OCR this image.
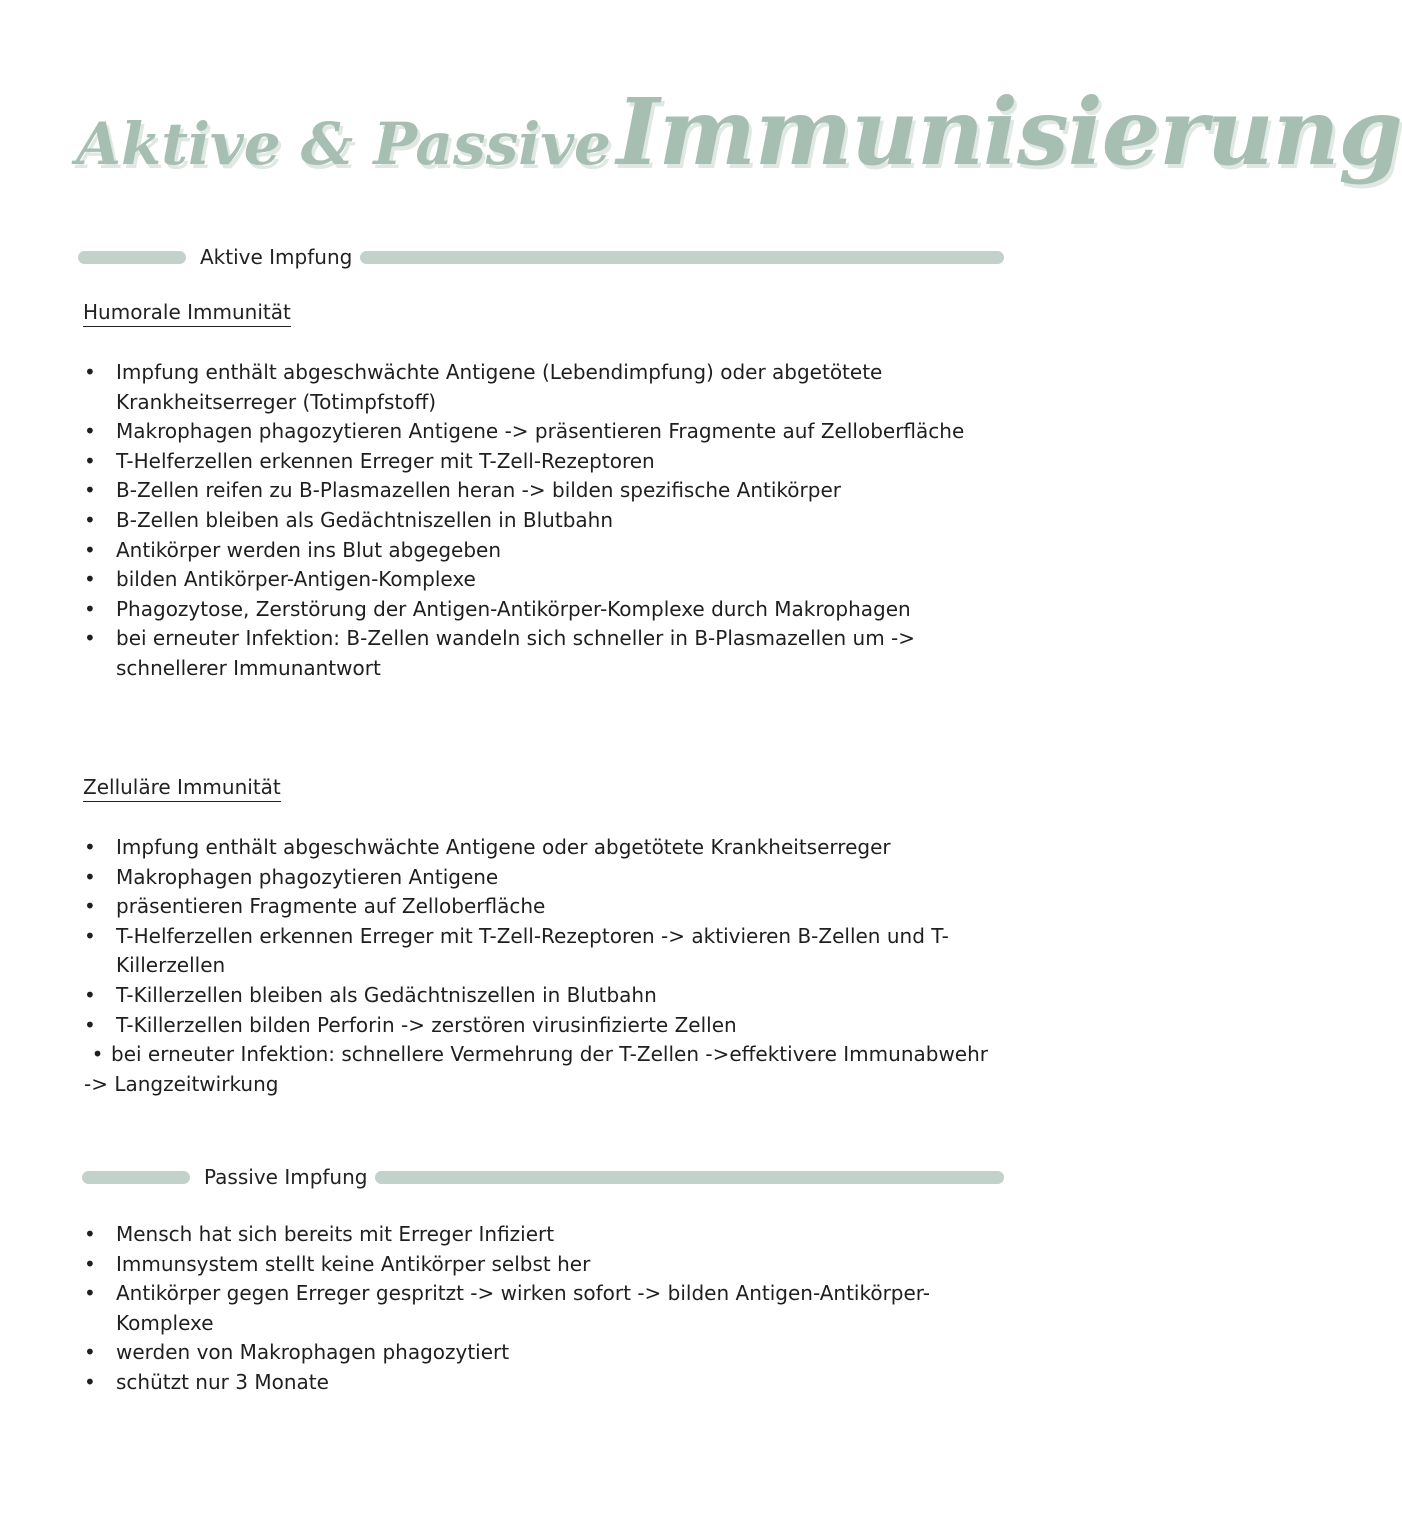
Aktive & Passive Immunisierung
Aktive Impfung
Humorale Immunität
•	Impfung enthält abgeschwächte Antigene (Lebendimpfung) oder abgetötete Krankheitserreger (Totimpfstoff)
•	Makrophagen phagozytieren Antigene -> präsentieren Fragmente auf Zelloberfläche
•	T-Helferzellen erkennen Erreger mit T-Zell-Rezeptoren
•	B-Zellen reifen zu B-Plasmazellen heran -> bilden spezifische Antikörper
•	B-Zellen bleiben als Gedächtniszellen in Blutbahn
•	Antikörper werden ins Blut abgegeben
•	bilden Antikörper-Antigen-Komplexe
•	Phagozytose, Zerstörung der Antigen-Antikörper-Komplexe durch Makrophagen
•	bei erneuter Infektion: B-Zellen wandeln sich schneller in B-Plasmazellen um -> schnellerer Immunantwort
Zelluläre Immunität
•	Impfung enthält abgeschwächte Antigene oder abgetötete Krankheitserreger
•	Makrophagen phagozytieren Antigene
•	präsentieren Fragmente auf Zelloberfläche
•	T-Helferzellen erkennen Erreger mit T-Zell-Rezeptoren -> aktivieren B-Zellen und T-Killerzellen
•	T-Killerzellen bleiben als Gedächtniszellen in Blutbahn
•	T-Killerzellen bilden Perforin -> zerstören virusinfizierte Zellen
• bei erneuter Infektion: schnellere Vermehrung der T-Zellen ->effektivere Immunabwehr -> Langzeitwirkung
Passive Impfung
•	Mensch hat sich bereits mit Erreger Infiziert
•	Immunsystem stellt keine Antikörper selbst her
•	Antikörper gegen Erreger gespritzt -> wirken sofort -> bilden Antigen-Antikörper-Komplexe
•	werden von Makrophagen phagozytiert
•	schützt nur 3 Monate
